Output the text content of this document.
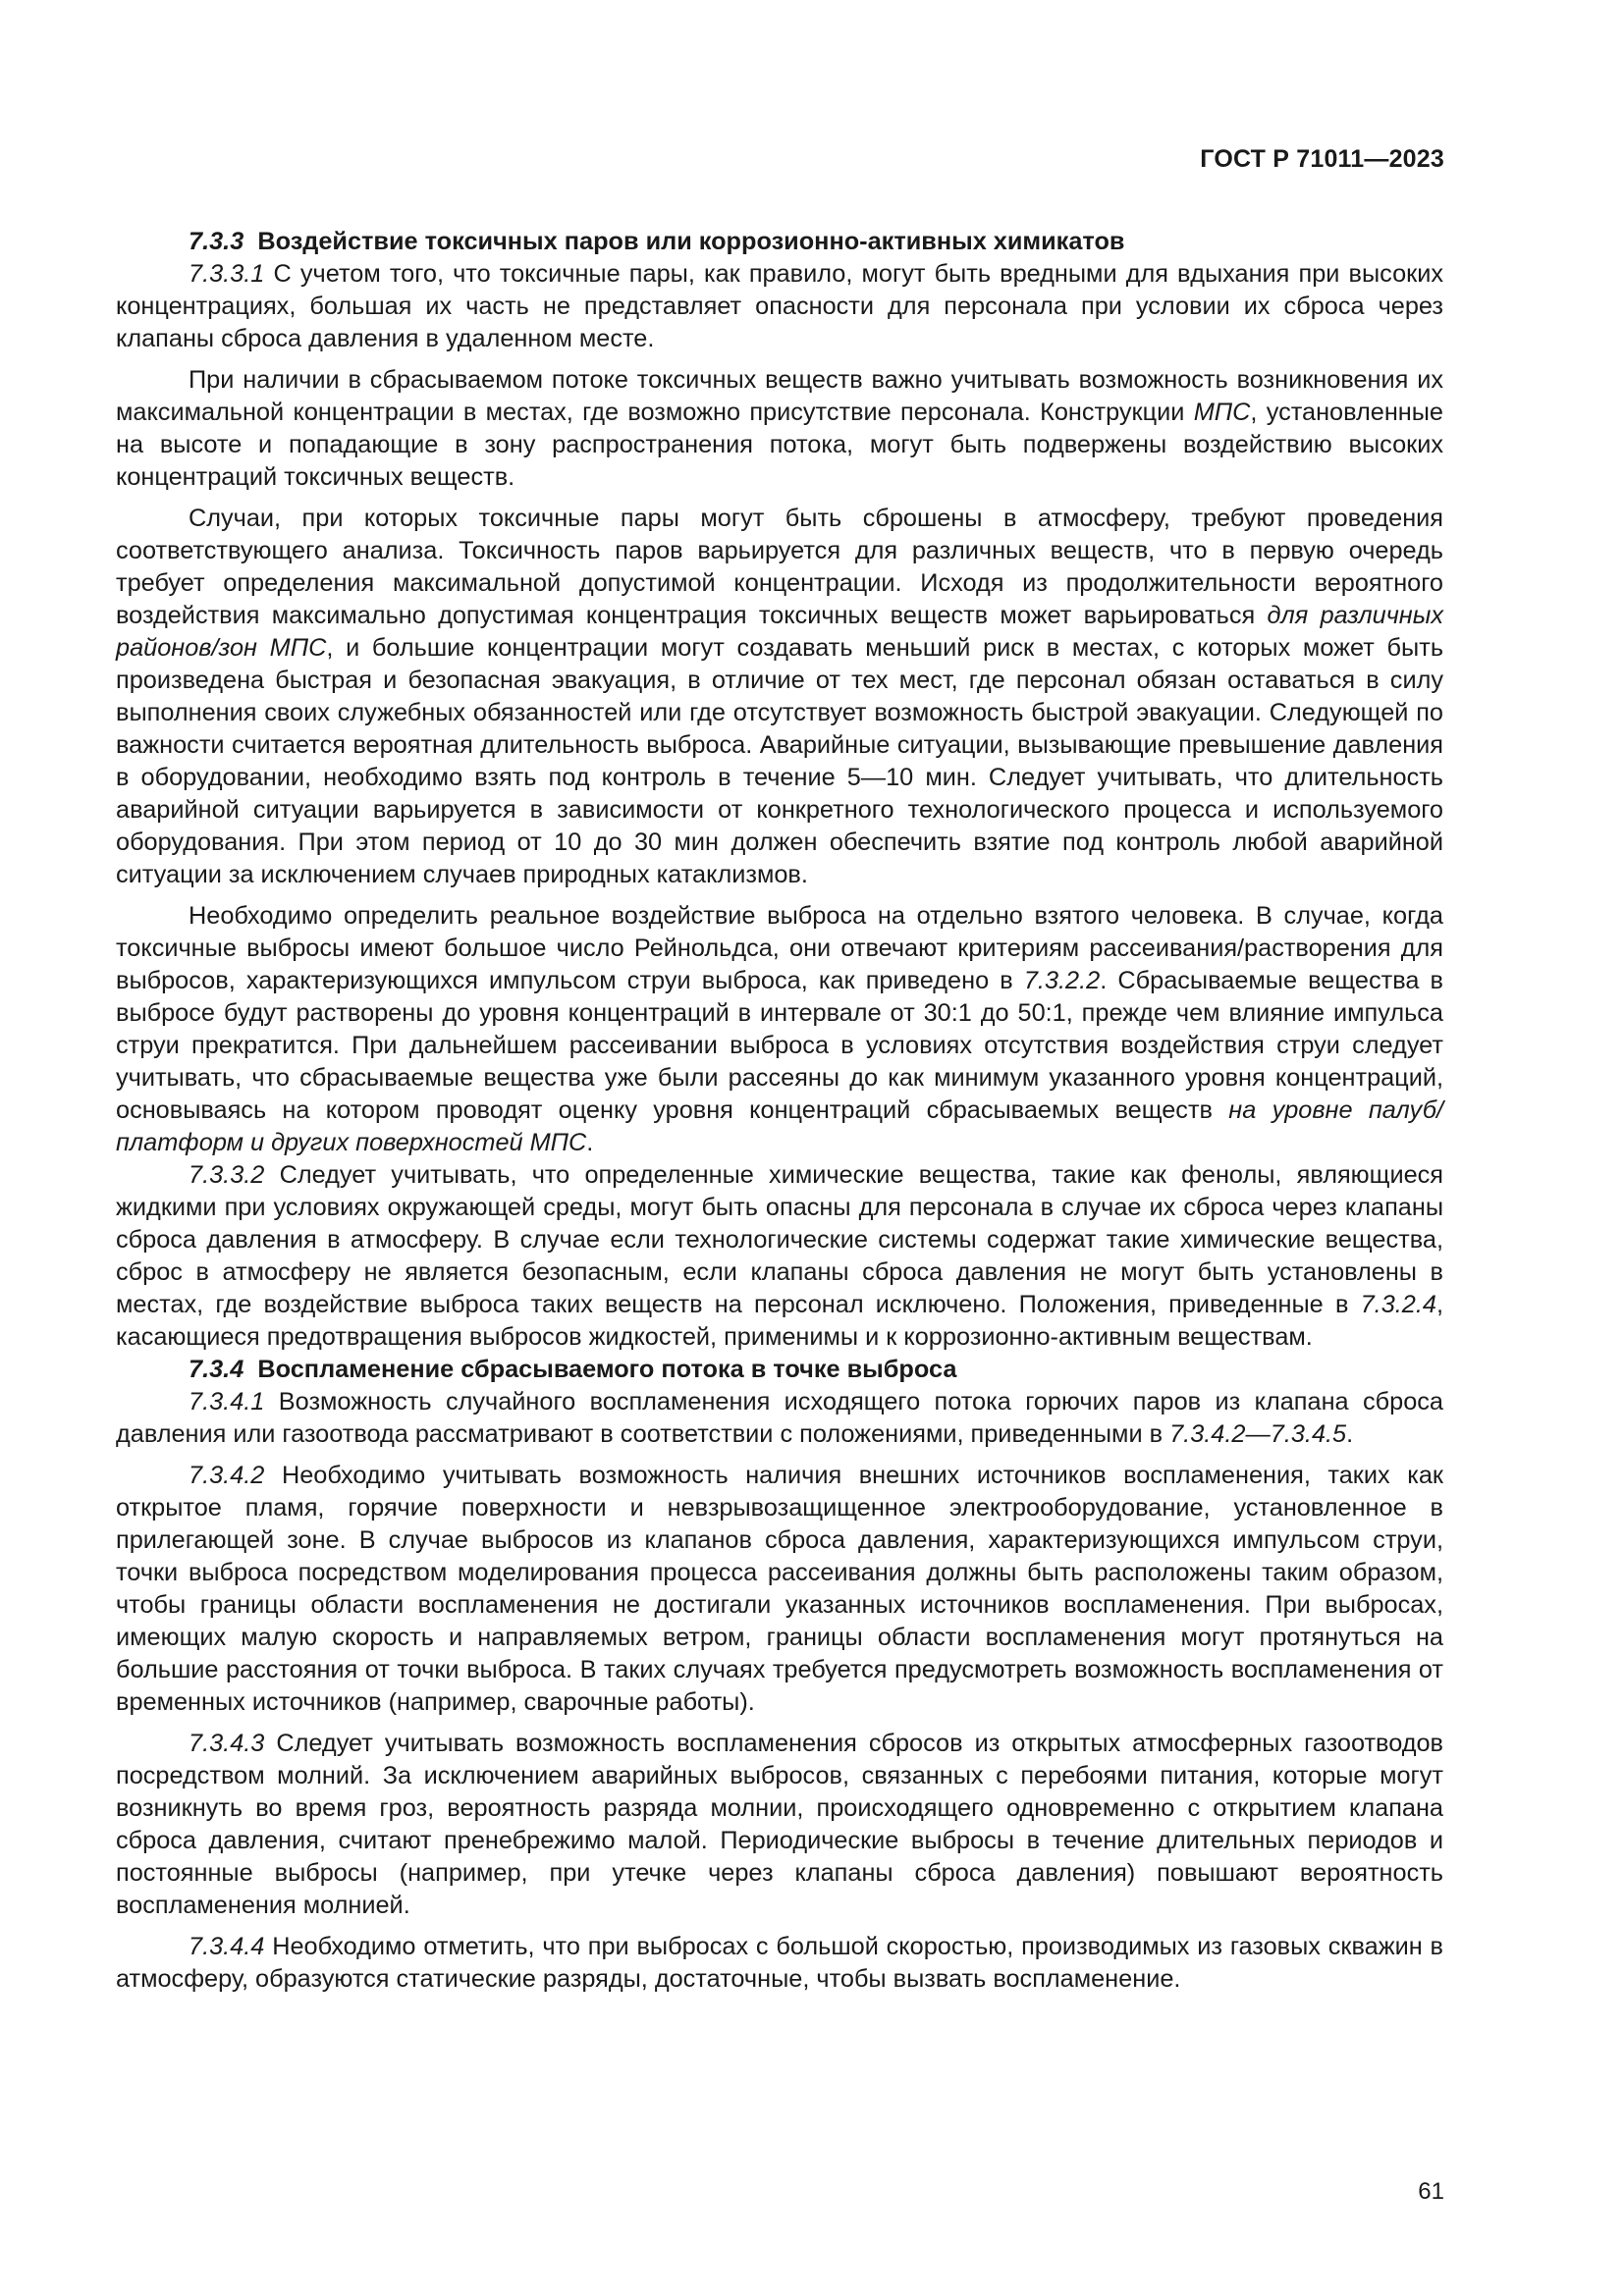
ГОСТ Р 71011—2023

7.3.3 Воздействие токсичных паров или коррозионно-активных химикатов

7.3.3.1 С учетом того, что токсичные пары, как правило, могут быть вредными для вдыхания при высоких концентрациях, большая их часть не представляет опасности для персонала при условии их сброса через клапаны сброса давления в удаленном месте.

При наличии в сбрасываемом потоке токсичных веществ важно учитывать возможность возникновения их максимальной концентрации в местах, где возможно присутствие персонала. Конструкции МПС, установленные на высоте и попадающие в зону распространения потока, могут быть подвержены воздействию высоких концентраций токсичных веществ.

Случаи, при которых токсичные пары могут быть сброшены в атмосферу, требуют проведения соответствующего анализа. Токсичность паров варьируется для различных веществ, что в первую очередь требует определения максимальной допустимой концентрации. Исходя из продолжительности вероятного воздействия максимально допустимая концентрация токсичных веществ может варьироваться для различных районов/зон МПС, и большие концентрации могут создавать меньший риск в местах, с которых может быть произведена быстрая и безопасная эвакуация, в отличие от тех мест, где персонал обязан оставаться в силу выполнения своих служебных обязанностей или где отсутствует возможность быстрой эвакуации. Следующей по важности считается вероятная длительность выброса. Аварийные ситуации, вызывающие превышение давления в оборудовании, необходимо взять под контроль в течение 5—10 мин. Следует учитывать, что длительность аварийной ситуации варьируется в зависимости от конкретного технологического процесса и используемого оборудования. При этом период от 10 до 30 мин должен обеспечить взятие под контроль любой аварийной ситуации за исключением случаев природных катаклизмов.

Необходимо определить реальное воздействие выброса на отдельно взятого человека. В случае, когда токсичные выбросы имеют большое число Рейнольдса, они отвечают критериям рассеивания/растворения для выбросов, характеризующихся импульсом струи выброса, как приведено в 7.3.2.2. Сбрасываемые вещества в выбросе будут растворены до уровня концентраций в интервале от 30:1 до 50:1, прежде чем влияние импульса струи прекратится. При дальнейшем рассеивании выброса в условиях отсутствия воздействия струи следует учитывать, что сбрасываемые вещества уже были рассеяны до как минимум указанного уровня концентраций, основываясь на котором проводят оценку уровня концентраций сбрасываемых веществ на уровне палуб/платформ и других поверхностей МПС.

7.3.3.2 Следует учитывать, что определенные химические вещества, такие как фенолы, являющиеся жидкими при условиях окружающей среды, могут быть опасны для персонала в случае их сброса через клапаны сброса давления в атмосферу. В случае если технологические системы содержат такие химические вещества, сброс в атмосферу не является безопасным, если клапаны сброса давления не могут быть установлены в местах, где воздействие выброса таких веществ на персонал исключено. Положения, приведенные в 7.3.2.4, касающиеся предотвращения выбросов жидкостей, применимы и к коррозионно-активным веществам.

7.3.4 Воспламенение сбрасываемого потока в точке выброса

7.3.4.1 Возможность случайного воспламенения исходящего потока горючих паров из клапана сброса давления или газоотвода рассматривают в соответствии с положениями, приведенными в 7.3.4.2—7.3.4.5.

7.3.4.2 Необходимо учитывать возможность наличия внешних источников воспламенения, таких как открытое пламя, горячие поверхности и невзрывозащищенное электрооборудование, установленное в прилегающей зоне. В случае выбросов из клапанов сброса давления, характеризующихся импульсом струи, точки выброса посредством моделирования процесса рассеивания должны быть расположены таким образом, чтобы границы области воспламенения не достигали указанных источников воспламенения. При выбросах, имеющих малую скорость и направляемых ветром, границы области воспламенения могут протянуться на большие расстояния от точки выброса. В таких случаях требуется предусмотреть возможность воспламенения от временных источников (например, сварочные работы).

7.3.4.3 Следует учитывать возможность воспламенения сбросов из открытых атмосферных газоотводов посредством молний. За исключением аварийных выбросов, связанных с перебоями питания, которые могут возникнуть во время гроз, вероятность разряда молнии, происходящего одновременно с открытием клапана сброса давления, считают пренебрежимо малой. Периодические выбросы в течение длительных периодов и постоянные выбросы (например, при утечке через клапаны сброса давления) повышают вероятность воспламенения молнией.

7.3.4.4 Необходимо отметить, что при выбросах с большой скоростью, производимых из газовых скважин в атмосферу, образуются статические разряды, достаточные, чтобы вызвать воспламенение.

61
